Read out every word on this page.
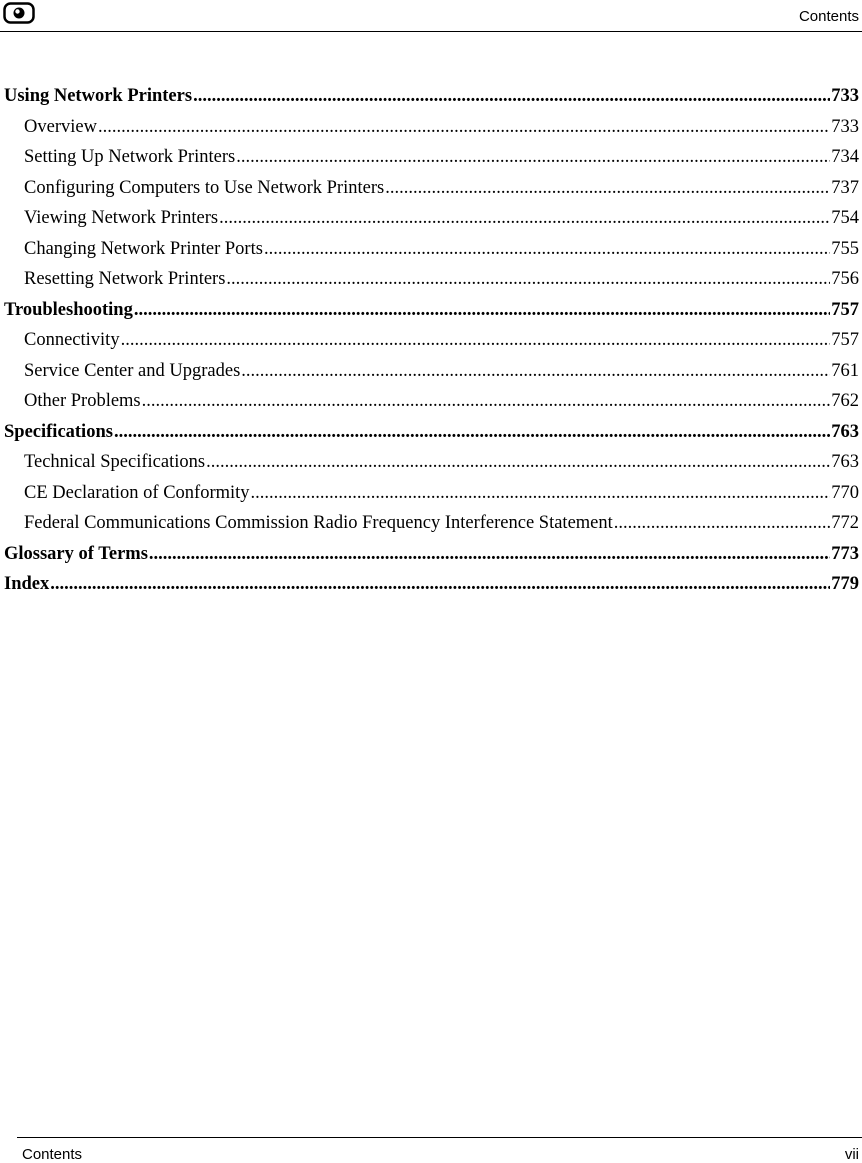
Contents
Using Network Printers .....	733
Overview .....	733
Setting Up Network Printers .....	734
Configuring Computers to Use Network Printers .....	737
Viewing Network Printers .....	754
Changing Network Printer Ports .....	755
Resetting Network Printers .....	756
Troubleshooting .....	757
Connectivity .....	757
Service Center and Upgrades .....	761
Other Problems .....	762
Specifications .....	763
Technical Specifications .....	763
CE Declaration of Conformity .....	770
Federal Communications Commission Radio Frequency Interference Statement .....	772
Glossary of Terms .....	773
Index .....	779
Contents	vii
